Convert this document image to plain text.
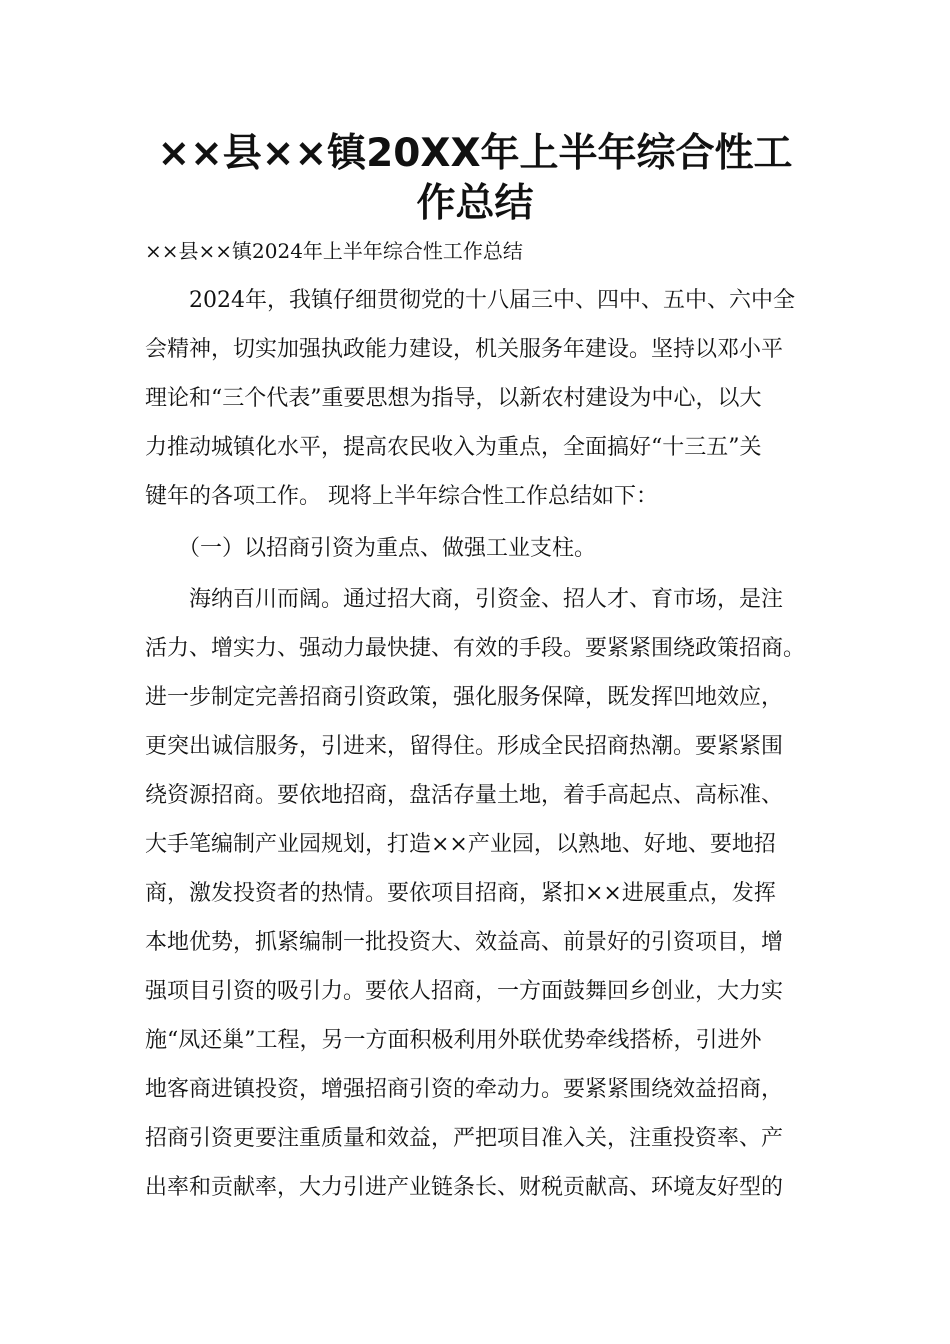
××县××镇20XX年上半年综合性工
作总结

××县××镇2024年上半年综合性工作总结

　　2024年，我镇仔细贯彻党的十八届三中、四中、五中、六中全

会精神，切实加强执政能力建设，机关服务年建设。坚持以邓小平

理论和“三个代表”重要思想为指导，以新农村建设为中心，以大

力推动城镇化水平，提高农民收入为重点，全面搞好“十三五”关

键年的各项工作。 现将上半年综合性工作总结如下：

　　（一）以招商引资为重点、做强工业支柱。

　　海纳百川而阔。通过招大商，引资金、招人才、育市场，是注

活力、增实力、强动力最快捷、有效的手段。要紧紧围绕政策招商。

进一步制定完善招商引资政策，强化服务保障，既发挥凹地效应，

更突出诚信服务，引进来，留得住。形成全民招商热潮。要紧紧围

绕资源招商。要依地招商，盘活存量土地，着手高起点、高标准、

大手笔编制产业园规划，打造××产业园，以熟地、好地、要地招

商，激发投资者的热情。要依项目招商，紧扣××进展重点，发挥

本地优势，抓紧编制一批投资大、效益高、前景好的引资项目，增

强项目引资的吸引力。要依人招商，一方面鼓舞回乡创业，大力实

施“凤还巢”工程，另一方面积极利用外联优势牵线搭桥，引进外

地客商进镇投资，增强招商引资的牵动力。要紧紧围绕效益招商，

招商引资更要注重质量和效益，严把项目准入关，注重投资率、产

出率和贡献率，大力引进产业链条长、财税贡献高、环境友好型的
